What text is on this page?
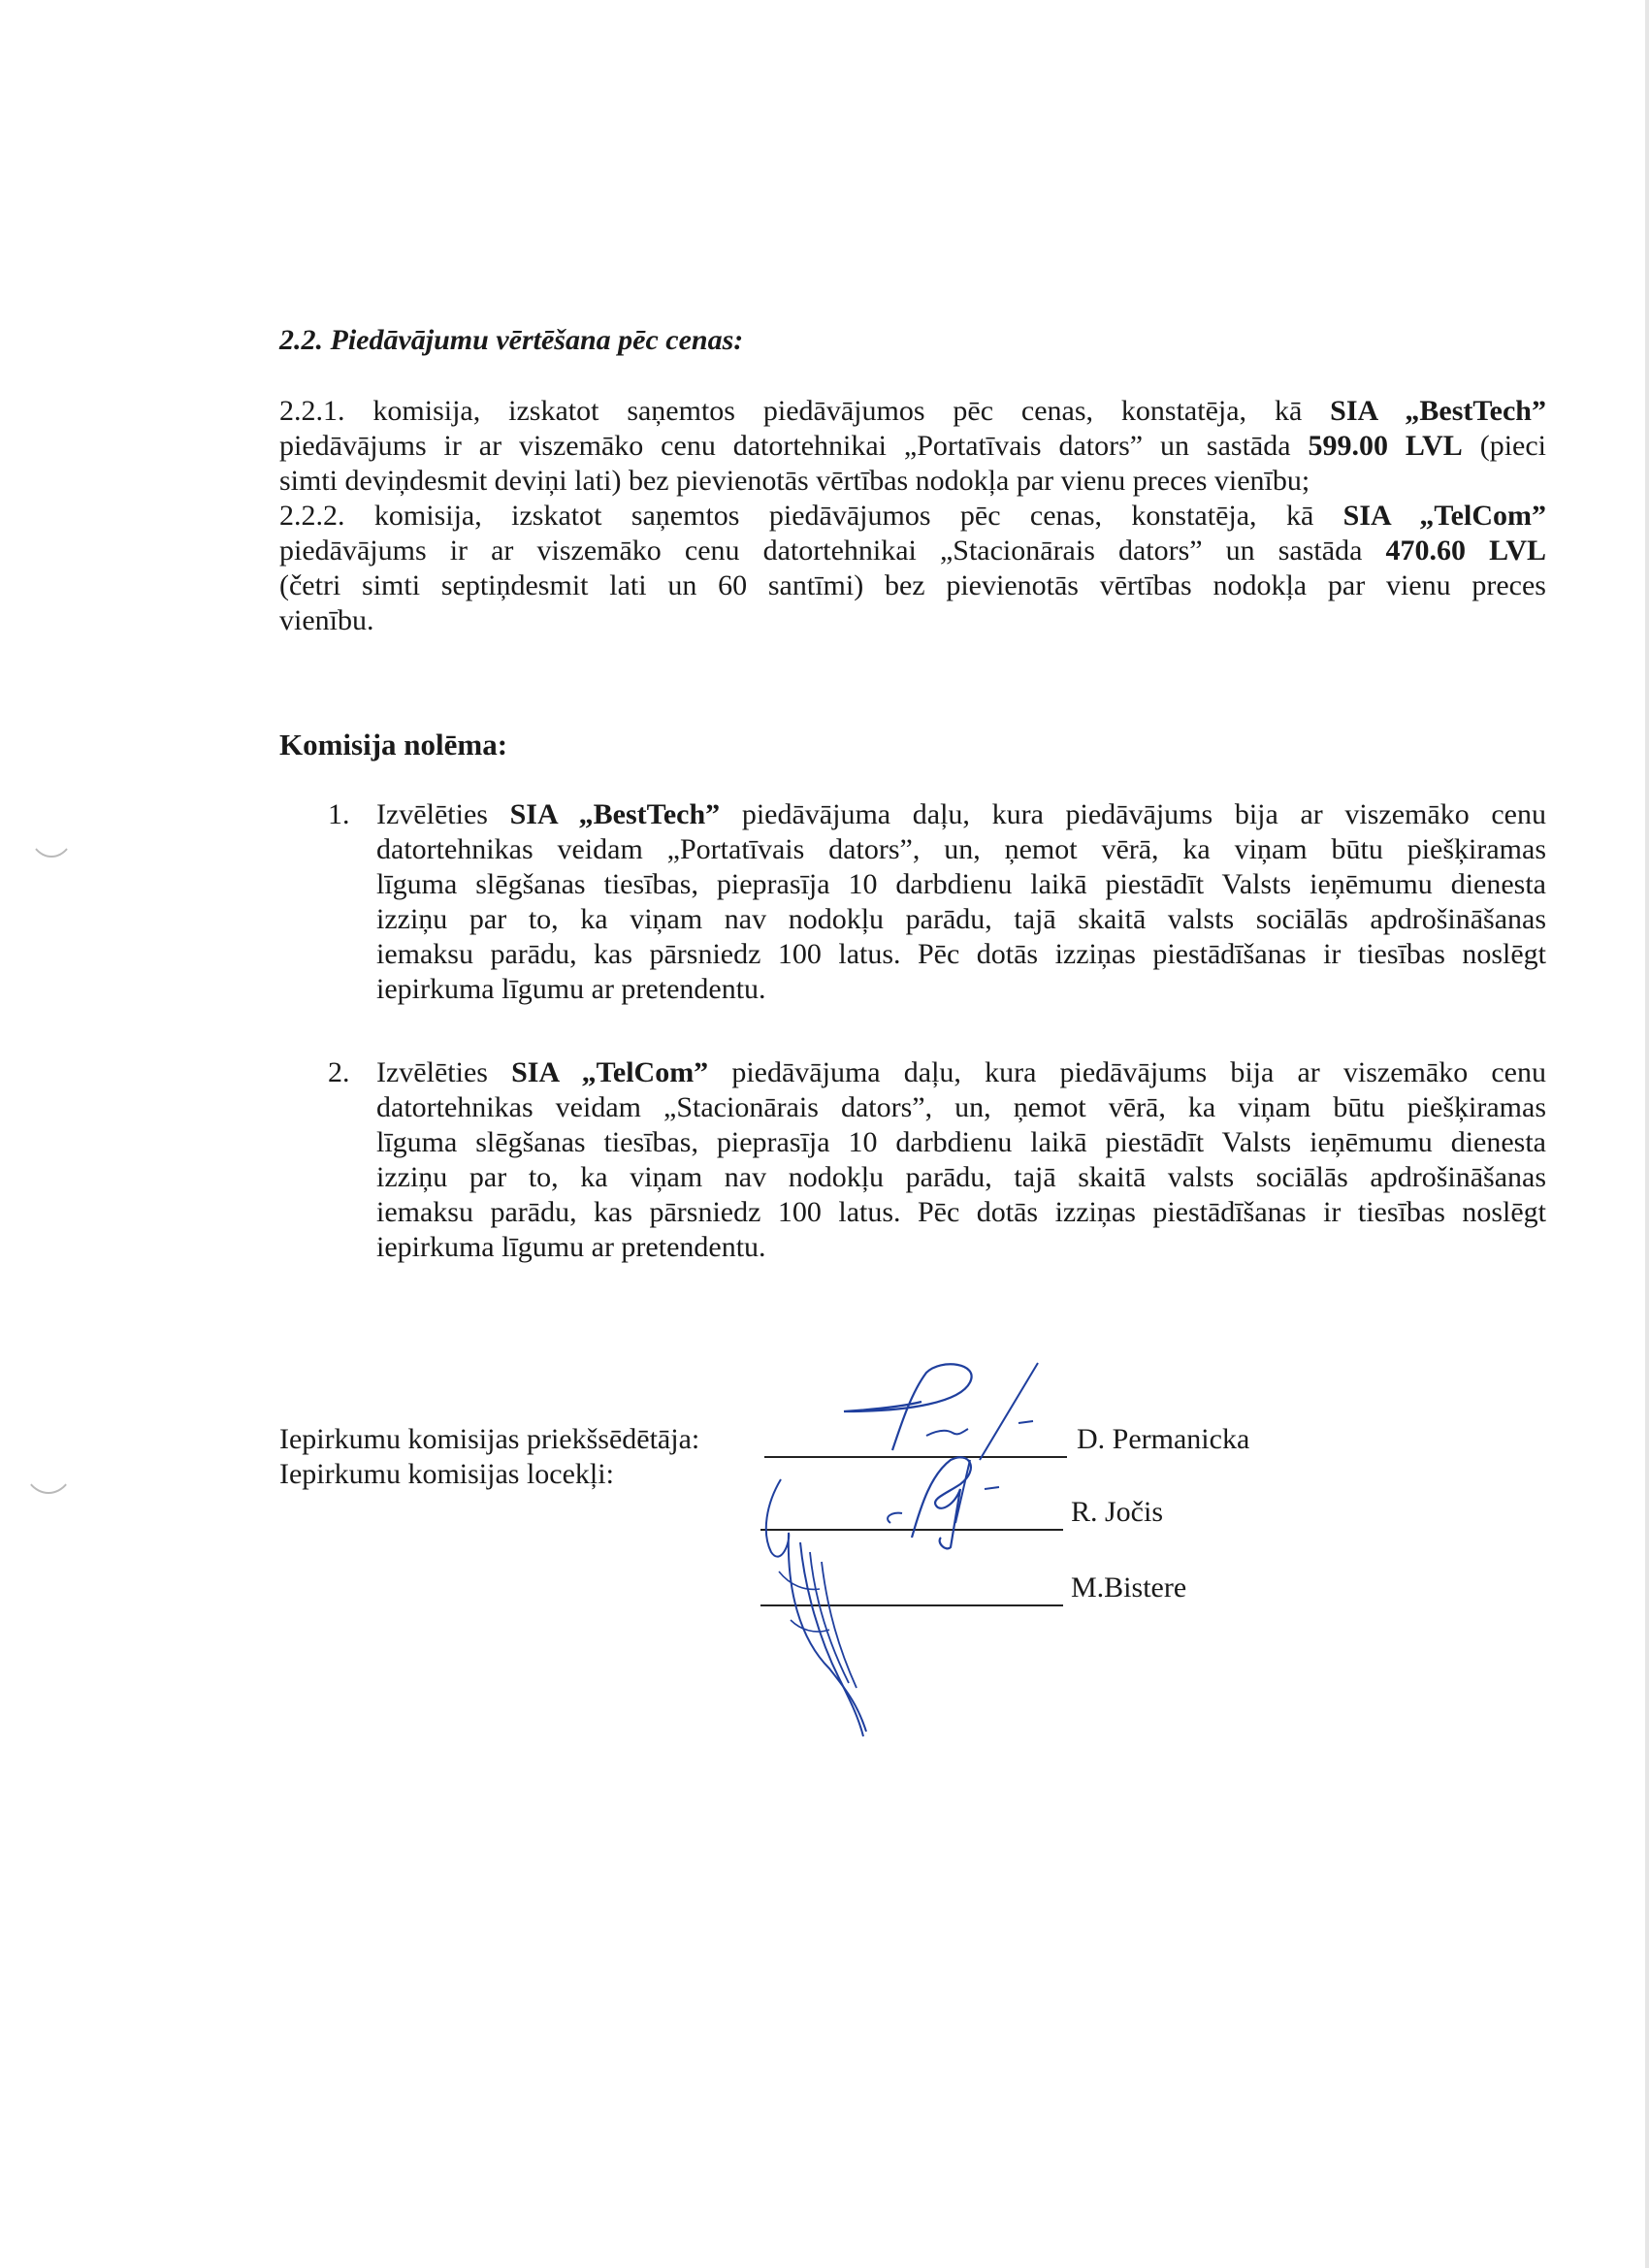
2.2. Piedāvājumu vērtēšana pēc cenas:
2.2.1. komisija, izskatot saņemtos piedāvājumos pēc cenas, konstatēja, kā SIA „BestTech”
piedāvājums ir ar viszemāko cenu datortehnikai „Portatīvais dators” un sastāda 599.00 LVL (pieci
simti deviņdesmit deviņi lati) bez pievienotās vērtības nodokļa par vienu preces vienību;
2.2.2. komisija, izskatot saņemtos piedāvājumos pēc cenas, konstatēja, kā SIA „TelCom”
piedāvājums ir ar viszemāko cenu datortehnikai „Stacionārais dators” un sastāda 470.60 LVL
(četri simti septiņdesmit lati un 60 santīmi) bez pievienotās vērtības nodokļa par vienu preces
vienību.
Komisija nolēma:
1. Izvēlēties SIA „BestTech” piedāvājuma daļu, kura piedāvājums bija ar viszemāko cenu
datortehnikas veidam „Portatīvais dators”, un, ņemot vērā, ka viņam būtu piešķiramas
līguma slēgšanas tiesības, pieprasīja 10 darbdienu laikā piestādīt Valsts ieņēmumu dienesta
izziņu par to, ka viņam nav nodokļu parādu, tajā skaitā valsts sociālās apdrošināšanas
iemaksu parādu, kas pārsniedz 100 latus. Pēc dotās izziņas piestādīšanas ir tiesības noslēgt
iepirkuma līgumu ar pretendentu.
2. Izvēlēties SIA „TelCom” piedāvājuma daļu, kura piedāvājums bija ar viszemāko cenu
datortehnikas veidam „Stacionārais dators”, un, ņemot vērā, ka viņam būtu piešķiramas
līguma slēgšanas tiesības, pieprasīja 10 darbdienu laikā piestādīt Valsts ieņēmumu dienesta
izziņu par to, ka viņam nav nodokļu parādu, tajā skaitā valsts sociālās apdrošināšanas
iemaksu parādu, kas pārsniedz 100 latus. Pēc dotās izziņas piestādīšanas ir tiesības noslēgt
iepirkuma līgumu ar pretendentu.
Iepirkumu komisijas priekšsēdētāja:
Iepirkumu komisijas locekļi:
D. Permanicka
R. Jočis
M.Bistere
